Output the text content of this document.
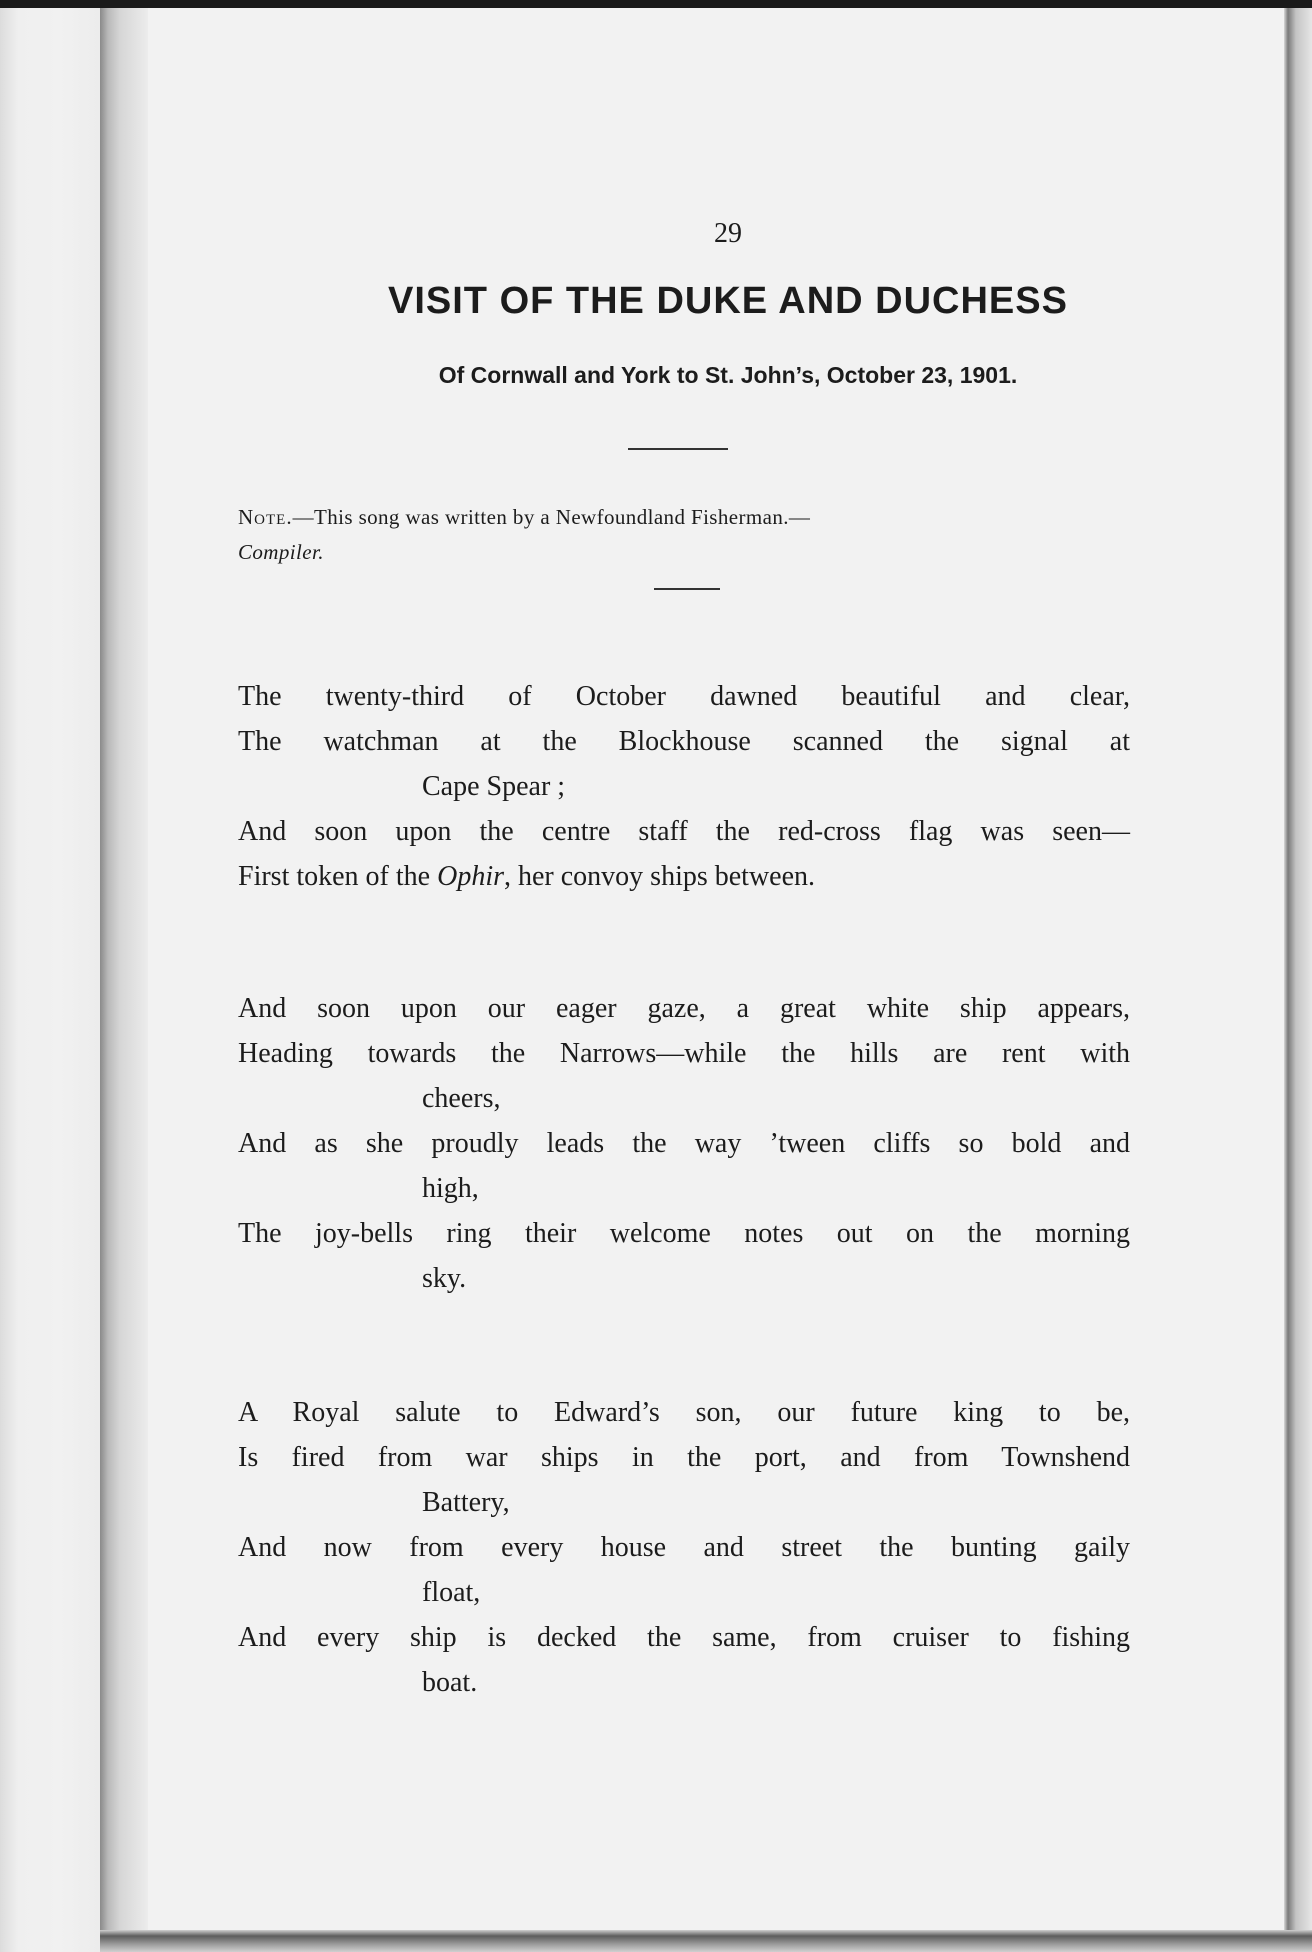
29
VISIT OF THE DUKE AND DUCHESS
Of Cornwall and York to St. John’s, October 23, 1901.
Note.—This song was written by a Newfoundland Fisherman.—
Compiler.
The twenty-third of October dawned beautiful and clear,
The watchman at the Blockhouse scanned the signal at
Cape Spear ;
And soon upon the centre staff the red-cross flag was seen—
First token of the Ophir, her convoy ships between.
And soon upon our eager gaze, a great white ship appears,
Heading towards the Narrows—while the hills are rent with
cheers,
And as she proudly leads the way ’tween cliffs so bold and
high,
The joy-bells ring their welcome notes out on the morning
sky.
A Royal salute to Edward’s son, our future king to be,
Is fired from war ships in the port, and from Townshend
Battery,
And now from every house and street the bunting gaily
float,
And every ship is decked the same, from cruiser to fishing
boat.
